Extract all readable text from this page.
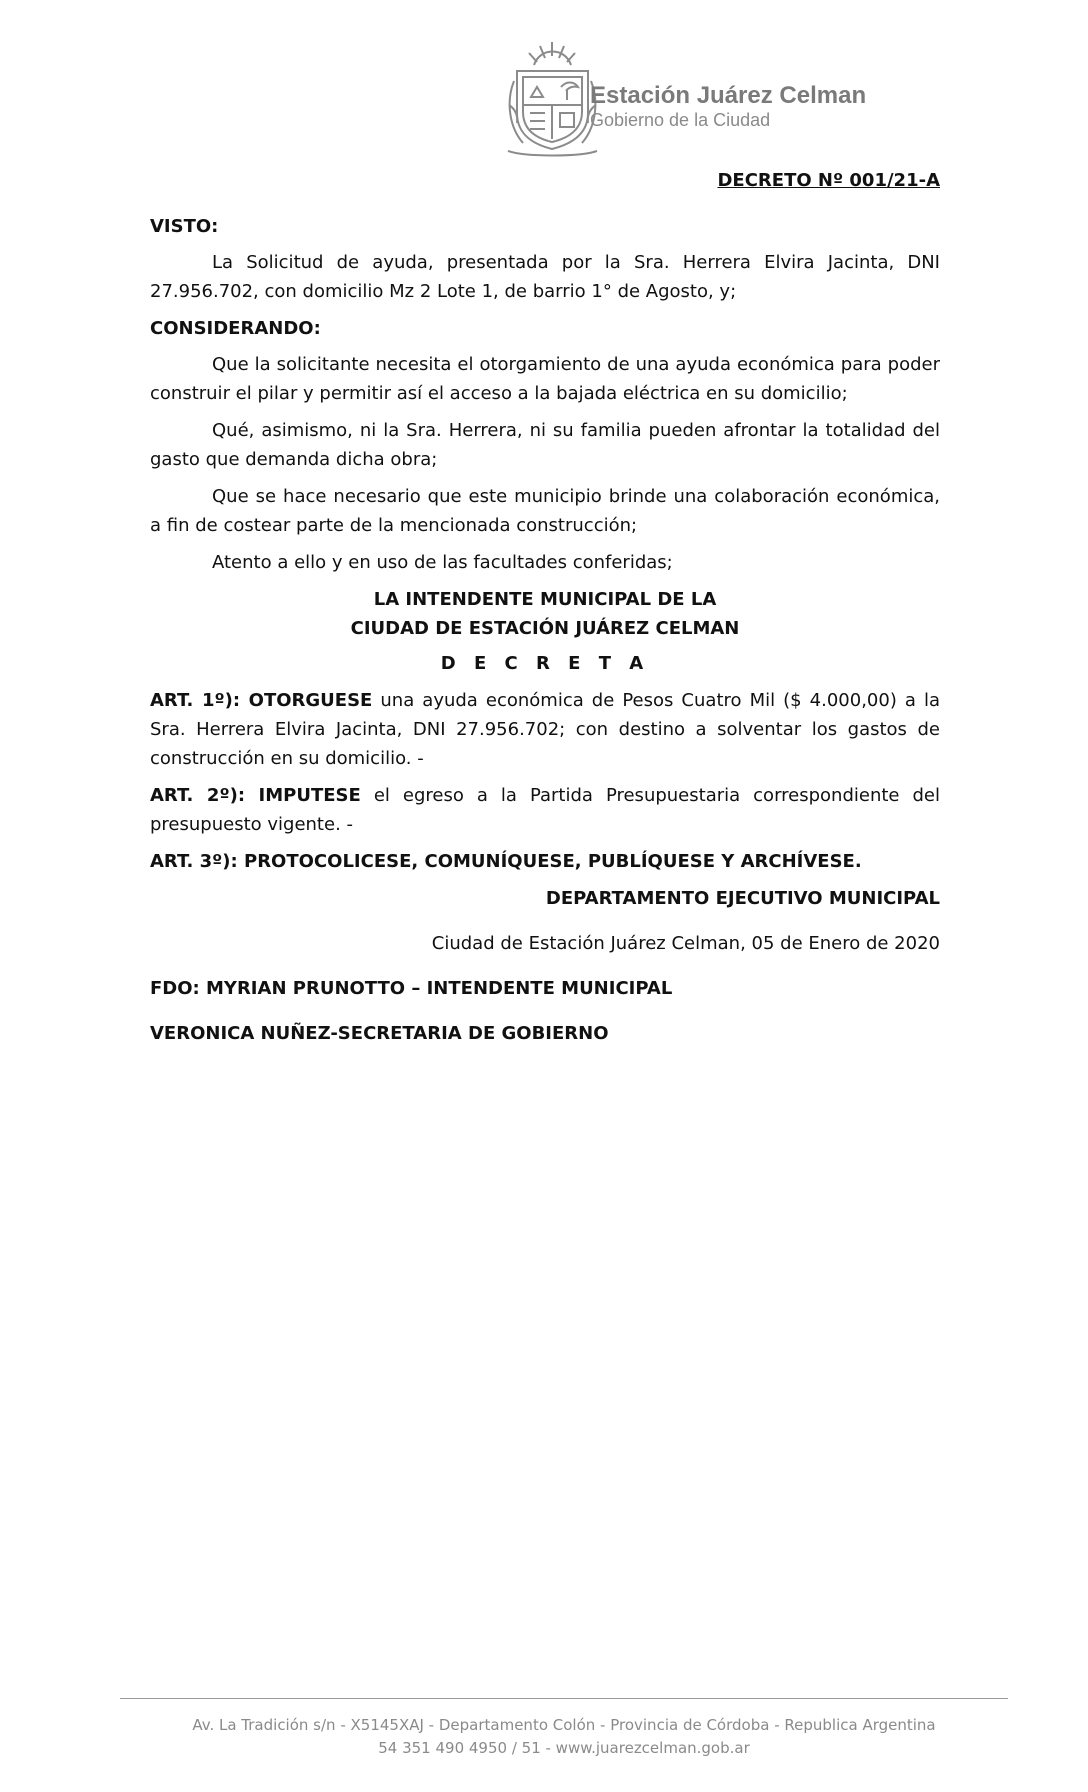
Estación Juárez Celman
Gobierno de la Ciudad

DECRETO Nº 001/21-A

VISTO:

La Solicitud de ayuda, presentada por la Sra. Herrera Elvira Jacinta, DNI 27.956.702, con domicilio Mz 2 Lote 1, de barrio 1° de Agosto, y;

CONSIDERANDO:

Que la solicitante necesita el otorgamiento de una ayuda económica para poder construir el pilar y permitir así el acceso a la bajada eléctrica en su domicilio;

Qué, asimismo, ni la Sra. Herrera, ni su familia pueden afrontar la totalidad del gasto que demanda dicha obra;

Que se hace necesario que este municipio brinde una colaboración económica, a fin de costear parte de la mencionada construcción;

Atento a ello y en uso de las facultades conferidas;

LA INTENDENTE MUNICIPAL DE LA

CIUDAD DE ESTACIÓN JUÁREZ CELMAN

D E C R E T A

ART. 1º): OTORGUESE una ayuda económica de Pesos Cuatro Mil ($ 4.000,00) a la Sra. Herrera Elvira Jacinta, DNI 27.956.702; con destino a solventar los gastos de construcción en su domicilio. -

ART. 2º): IMPUTESE el egreso a la Partida Presupuestaria correspondiente del presupuesto vigente. -

ART. 3º): PROTOCOLICESE, COMUNÍQUESE, PUBLÍQUESE Y ARCHÍVESE.

DEPARTAMENTO EJECUTIVO MUNICIPAL

Ciudad de Estación Juárez Celman, 05 de Enero de 2020

FDO: MYRIAN PRUNOTTO – INTENDENTE MUNICIPAL

VERONICA NUÑEZ-SECRETARIA DE GOBIERNO

Av. La Tradición s/n - X5145XAJ - Departamento Colón - Provincia de Córdoba - Republica Argentina
54 351 490 4950 / 51 - www.juarezcelman.gob.ar
